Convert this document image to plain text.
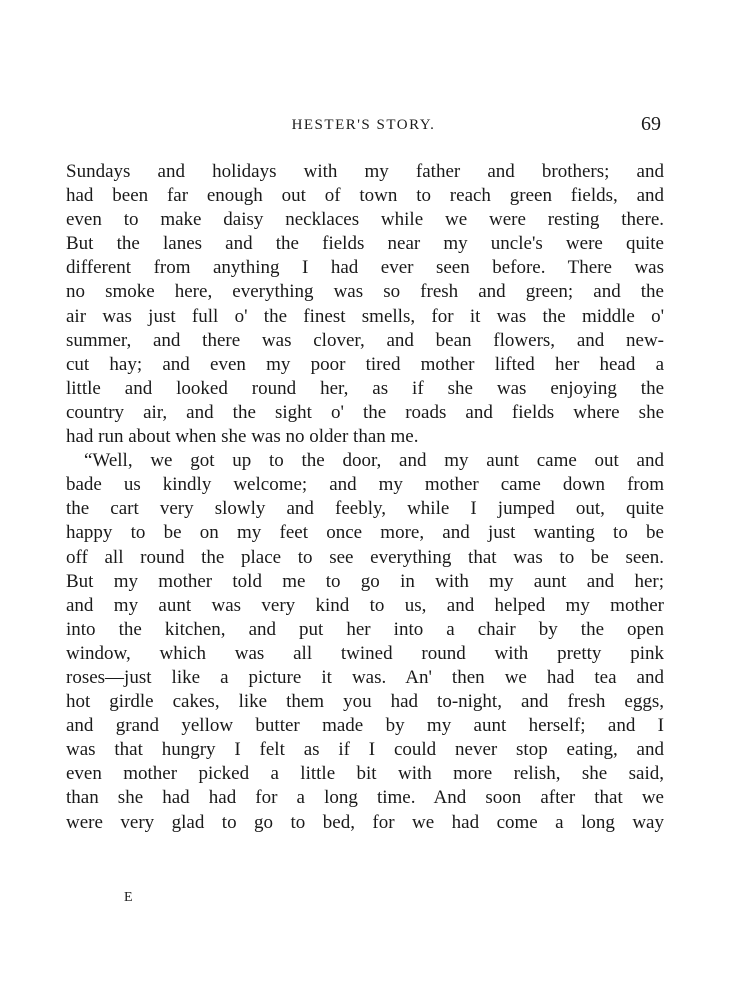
HESTER'S STORY.	69
Sundays and holidays with my father and brothers; and
had been far enough out of town to reach green fields, and
even to make daisy necklaces while we were resting there.
But the lanes and the fields near my uncle's were quite
different from anything I had ever seen before. There was
no smoke here, everything was so fresh and green; and the
air was just full o' the finest smells, for it was the middle o'
summer, and there was clover, and bean flowers, and new-
cut hay; and even my poor tired mother lifted her head a
little and looked round her, as if she was enjoying the
country air, and the sight o' the roads and fields where she
had run about when she was no older than me.
“Well, we got up to the door, and my aunt came out and
bade us kindly welcome; and my mother came down from
the cart very slowly and feebly, while I jumped out, quite
happy to be on my feet once more, and just wanting to be
off all round the place to see everything that was to be seen.
But my mother told me to go in with my aunt and her;
and my aunt was very kind to us, and helped my mother
into the kitchen, and put her into a chair by the open
window, which was all twined round with pretty pink
roses—just like a picture it was. An' then we had tea and
hot girdle cakes, like them you had to-night, and fresh eggs,
and grand yellow butter made by my aunt herself; and I
was that hungry I felt as if I could never stop eating, and
even mother picked a little bit with more relish, she said,
than she had had for a long time. And soon after that we
were very glad to go to bed, for we had come a long way
E
